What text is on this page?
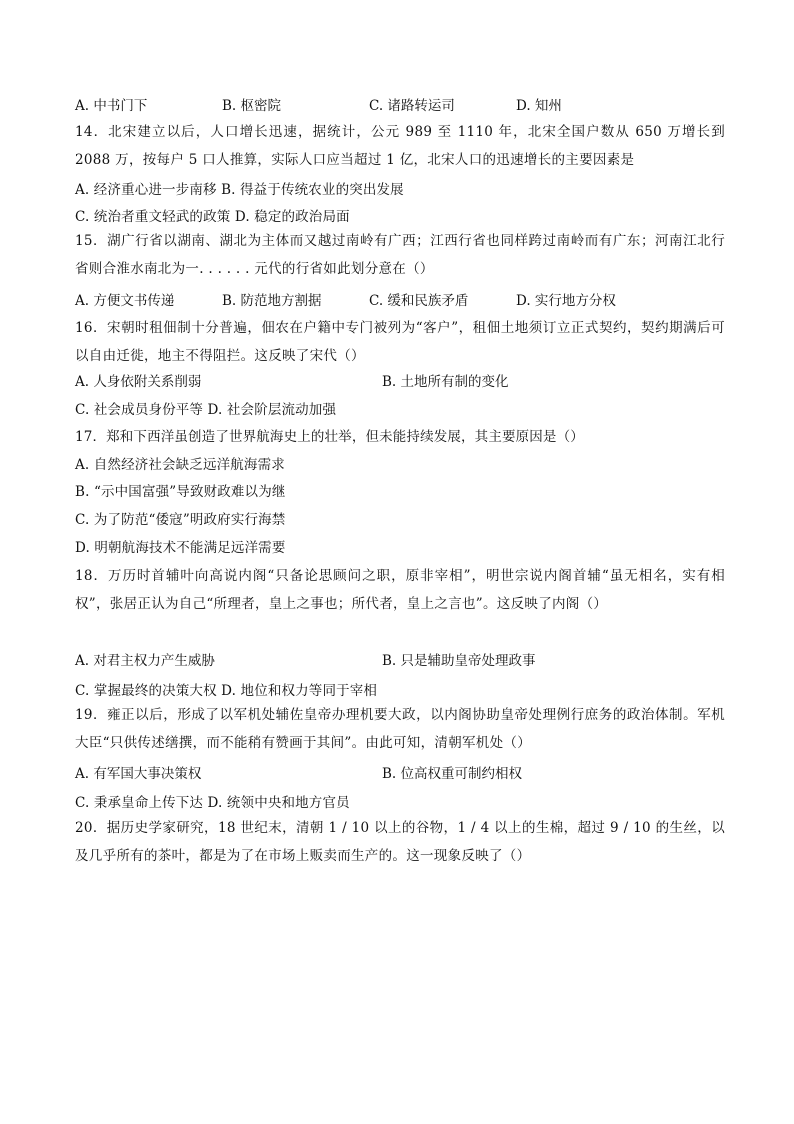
A. 中书门下	B. 枢密院	C. 诸路转运司	D. 知州
14．北宋建立以后，人口增长迅速，据统计，公元 989 至 1110 年，北宋全国户数从 650 万增长到 2088 万，按每户 5 口人推算，实际人口应当超过 1 亿，北宋人口的迅速增长的主要因素是
A. 经济重心进一步南移 B. 得益于传统农业的突出发展
C. 统治者重文轻武的政策 D. 稳定的政治局面
15．湖广行省以湖南、湖北为主体而又越过南岭有广西；江西行省也同样跨过南岭而有广东；河南江北行省则合淮水南北为一. . . . . . 元代的行省如此划分意在（）
A. 方便文书传递	B. 防范地方割据	C. 缓和民族矛盾	D. 实行地方分权
16．宋朝时租佃制十分普遍，佃农在户籍中专门被列为“客户”，租佃土地须订立正式契约，契约期满后可以自由迁徙，地主不得阻拦。这反映了宋代（）
A. 人身依附关系削弱	B. 土地所有制的变化
C. 社会成员身份平等 D. 社会阶层流动加强
17．郑和下西洋虽创造了世界航海史上的壮举，但未能持续发展，其主要原因是（）
A. 自然经济社会缺乏远洋航海需求
B. “示中国富强”导致财政难以为继
C. 为了防范“倭寇”明政府实行海禁
D. 明朝航海技术不能满足远洋需要
18．万历时首辅叶向高说内阁“只备论思顾问之职，原非宰相”，明世宗说内阁首辅“虽无相名，实有相权”，张居正认为自己“所理者，皇上之事也；所代者，皇上之言也”。这反映了内阁（）
A. 对君主权力产生威胁	B. 只是辅助皇帝处理政事
C. 掌握最终的决策大权 D. 地位和权力等同于宰相
19．雍正以后，形成了以军机处辅佐皇帝办理机要大政，以内阁协助皇帝处理例行庶务的政治体制。军机大臣“只供传述缮撰，而不能稍有赞画于其间”。由此可知，清朝军机处（）
A. 有军国大事决策权	B. 位高权重可制约相权
C. 秉承皇命上传下达 D. 统领中央和地方官员
20．据历史学家研究，18 世纪末，清朝 1 / 10 以上的谷物，1 / 4 以上的生棉，超过 9 / 10 的生丝，以及几乎所有的茶叶，都是为了在市场上贩卖而生产的。这一现象反映了（）
